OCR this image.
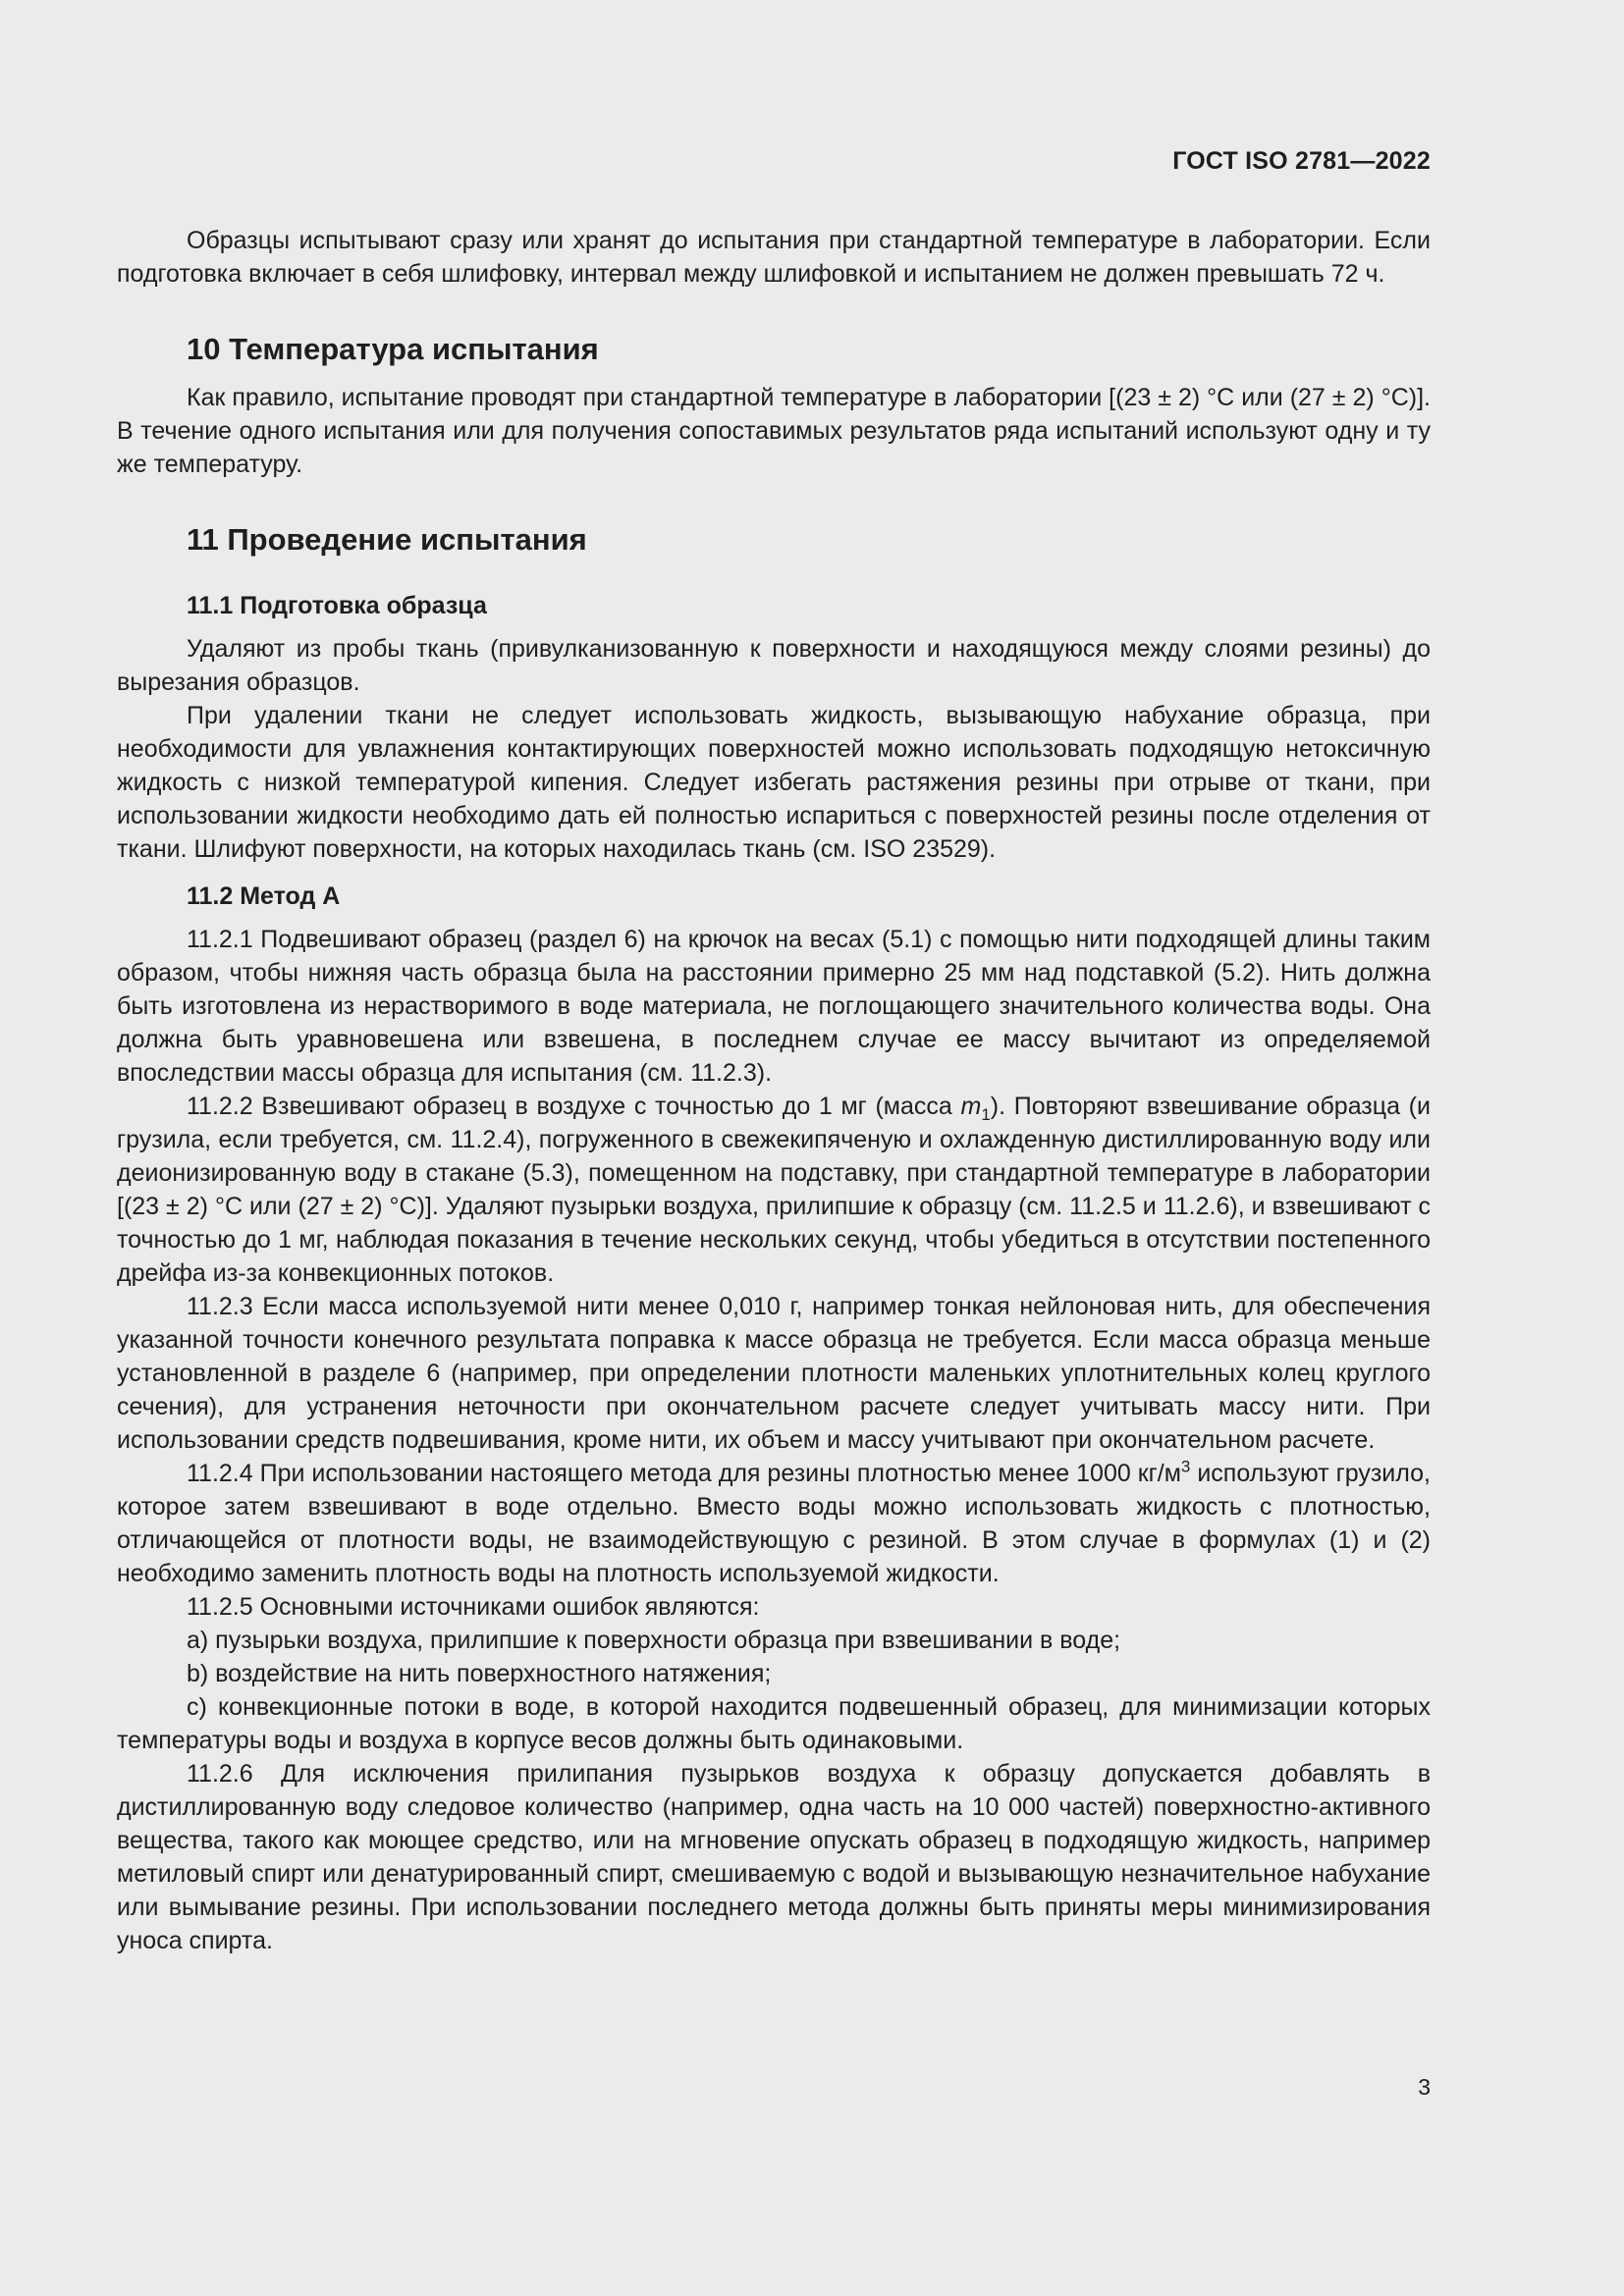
ГОСТ ISO 2781—2022

Образцы испытывают сразу или хранят до испытания при стандартной температуре в лаборатории. Если подготовка включает в себя шлифовку, интервал между шлифовкой и испытанием не должен превышать 72 ч.

10 Температура испытания

Как правило, испытание проводят при стандартной температуре в лаборатории [(23 ± 2) °С или (27 ± 2) °С)]. В течение одного испытания или для получения сопоставимых результатов ряда испытаний используют одну и ту же температуру.

11 Проведение испытания
11.1 Подготовка образца

Удаляют из пробы ткань (привулканизованную к поверхности и находящуюся между слоями резины) до вырезания образцов.

При удалении ткани не следует использовать жидкость, вызывающую набухание образца, при необходимости для увлажнения контактирующих поверхностей можно использовать подходящую нетоксичную жидкость с низкой температурой кипения. Следует избегать растяжения резины при отрыве от ткани, при использовании жидкости необходимо дать ей полностью испариться с поверхностей резины после отделения от ткани. Шлифуют поверхности, на которых находилась ткань (см. ISO 23529).

11.2 Метод А

11.2.1 Подвешивают образец (раздел 6) на крючок на весах (5.1) с помощью нити подходящей длины таким образом, чтобы нижняя часть образца была на расстоянии примерно 25 мм над подставкой (5.2). Нить должна быть изготовлена из нерастворимого в воде материала, не поглощающего значительного количества воды. Она должна быть уравновешена или взвешена, в последнем случае ее массу вычитают из определяемой впоследствии массы образца для испытания (см. 11.2.3).

11.2.2 Взвешивают образец в воздухе с точностью до 1 мг (масса $m_1$). Повторяют взвешивание образца (и грузила, если требуется, см. 11.2.4), погруженного в свежекипяченую и охлажденную дистиллированную воду или деионизированную воду в стакане (5.3), помещенном на подставку, при стандартной температуре в лаборатории [(23 ± 2) °С или (27 ± 2) °С)]. Удаляют пузырьки воздуха, прилипшие к образцу (см. 11.2.5 и 11.2.6), и взвешивают с точностью до 1 мг, наблюдая показания в течение нескольких секунд, чтобы убедиться в отсутствии постепенного дрейфа из-за конвекционных потоков.

11.2.3 Если масса используемой нити менее 0,010 г, например тонкая нейлоновая нить, для обеспечения указанной точности конечного результата поправка к массе образца не требуется. Если масса образца меньше установленной в разделе 6 (например, при определении плотности маленьких уплотнительных колец круглого сечения), для устранения неточности при окончательном расчете следует учитывать массу нити. При использовании средств подвешивания, кроме нити, их объем и массу учитывают при окончательном расчете.

11.2.4 При использовании настоящего метода для резины плотностью менее 1000 $кг/м^3$ используют грузило, которое затем взвешивают в воде отдельно. Вместо воды можно использовать жидкость с плотностью, отличающейся от плотности воды, не взаимодействующую с резиной. В этом случае в формулах (1) и (2) необходимо заменить плотность воды на плотность используемой жидкости.

11.2.5 Основными источниками ошибок являются:

a) пузырьки воздуха, прилипшие к поверхности образца при взвешивании в воде;

b) воздействие на нить поверхностного натяжения;

c) конвекционные потоки в воде, в которой находится подвешенный образец, для минимизации которых температуры воды и воздуха в корпусе весов должны быть одинаковыми.

11.2.6 Для исключения прилипания пузырьков воздуха к образцу допускается добавлять в дистиллированную воду следовое количество (например, одна часть на 10 000 частей) поверхностно-активного вещества, такого как моющее средство, или на мгновение опускать образец в подходящую жидкость, например метиловый спирт или денатурированный спирт, смешиваемую с водой и вызывающую незначительное набухание или вымывание резины. При использовании последнего метода должны быть приняты меры минимизирования уноса спирта.

3
